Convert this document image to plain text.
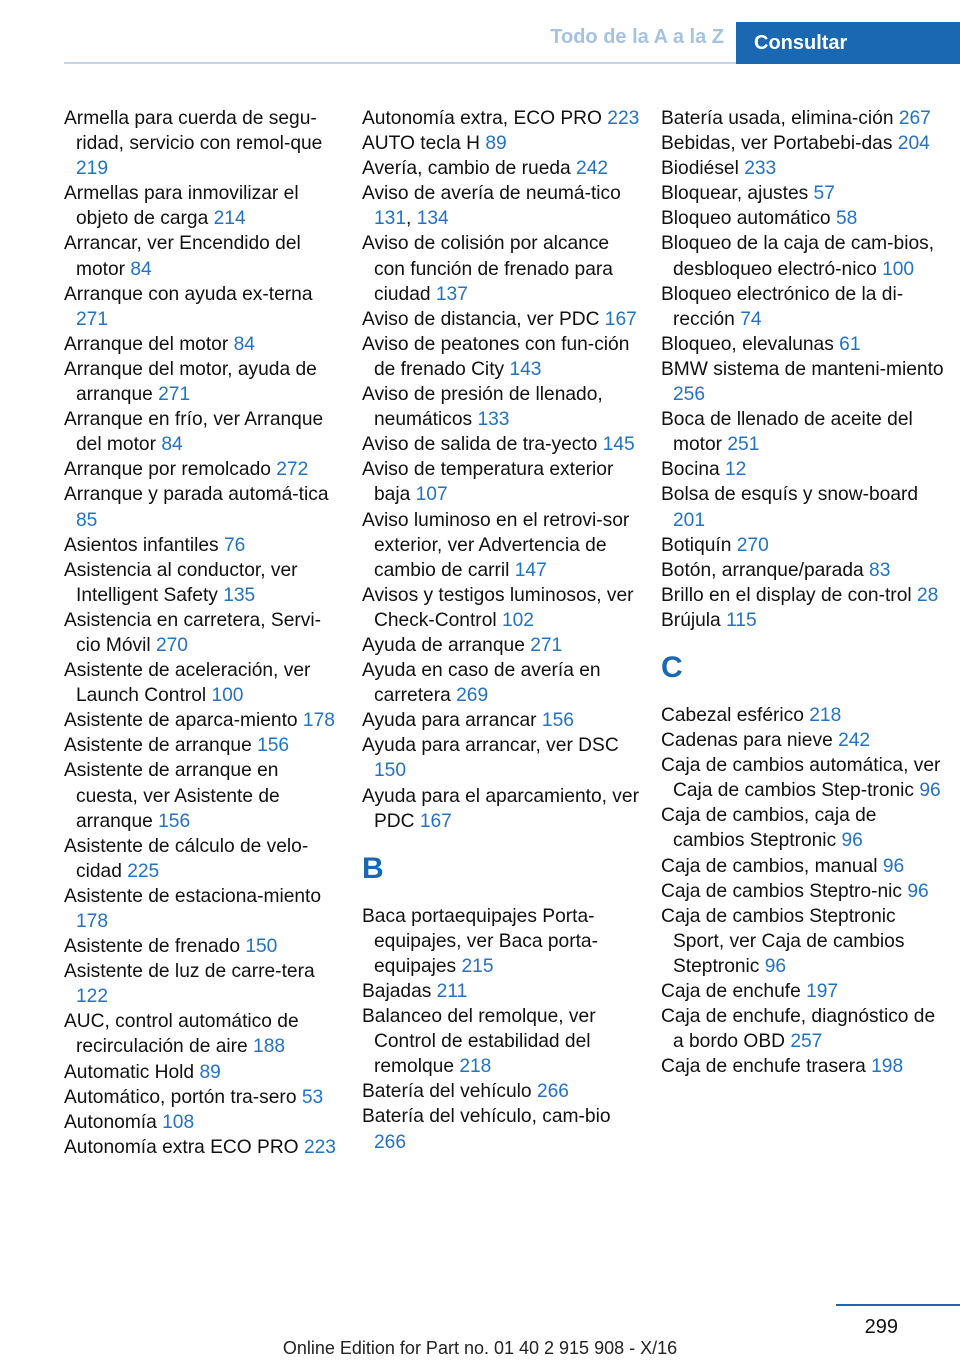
Todo de la A a la Z	Consultar
Armella para cuerda de segu‐ridad, servicio con remol‐que 219
Armellas para inmovilizar el objeto de carga 214
Arrancar, ver Encendido del motor 84
Arranque con ayuda ex‐terna 271
Arranque del motor 84
Arranque del motor, ayuda de arranque 271
Arranque en frío, ver Arranque del motor 84
Arranque por remolcado 272
Arranque y parada automá‐tica 85
Asientos infantiles 76
Asistencia al conductor, ver Intelligent Safety 135
Asistencia en carretera, Servi‐cio Móvil 270
Asistente de aceleración, ver Launch Control 100
Asistente de aparca‐miento 178
Asistente de arranque 156
Asistente de arranque en cuesta, ver Asistente de arranque 156
Asistente de cálculo de velo‐cidad 225
Asistente de estaciona‐miento 178
Asistente de frenado 150
Asistente de luz de carre‐tera 122
AUC, control automático de recirculación de aire 188
Automatic Hold 89
Automático, portón tra‐sero 53
Autonomía 108
Autonomía extra ECO PRO 223
Autonomía extra, ECO PRO 223
AUTO tecla H 89
Avería, cambio de rueda 242
Aviso de avería de neumá‐tico 131, 134
Aviso de colisión por alcance con función de frenado para ciudad 137
Aviso de distancia, ver PDC 167
Aviso de peatones con fun‐ción de frenado City 143
Aviso de presión de llenado, neumáticos 133
Aviso de salida de tra‐yecto 145
Aviso de temperatura exterior baja 107
Aviso luminoso en el retrovi‐sor exterior, ver Advertencia de cambio de carril 147
Avisos y testigos luminosos, ver Check-Control 102
Ayuda de arranque 271
Ayuda en caso de avería en carretera 269
Ayuda para arrancar 156
Ayuda para arrancar, ver DSC 150
Ayuda para el aparcamiento, ver PDC 167
B
Baca portaequipajes Porta‐equipajes, ver Baca porta‐equipajes 215
Bajadas 211
Balanceo del remolque, ver Control de estabilidad del remolque 218
Batería del vehículo 266
Batería del vehículo, cam‐bio 266
Batería usada, elimina‐ción 267
Bebidas, ver Portabebi‐das 204
Biodiésel 233
Bloquear, ajustes 57
Bloqueo automático 58
Bloqueo de la caja de cam‐bios, desbloqueo electró‐nico 100
Bloqueo electrónico de la di‐rección 74
Bloqueo, elevalunas 61
BMW sistema de manteni‐miento 256
Boca de llenado de aceite del motor 251
Bocina 12
Bolsa de esquís y snow‐board 201
Botiquín 270
Botón, arranque/parada 83
Brillo en el display de con‐trol 28
Brújula 115
C
Cabezal esférico 218
Cadenas para nieve 242
Caja de cambios automática, ver Caja de cambios Step‐tronic 96
Caja de cambios, caja de cambios Steptronic 96
Caja de cambios, manual 96
Caja de cambios Steptro‐nic 96
Caja de cambios Steptronic Sport, ver Caja de cambios Steptronic 96
Caja de enchufe 197
Caja de enchufe, diagnóstico de a bordo OBD 257
Caja de enchufe trasera 198
299
Online Edition for Part no. 01 40 2 915 908 - X/16
